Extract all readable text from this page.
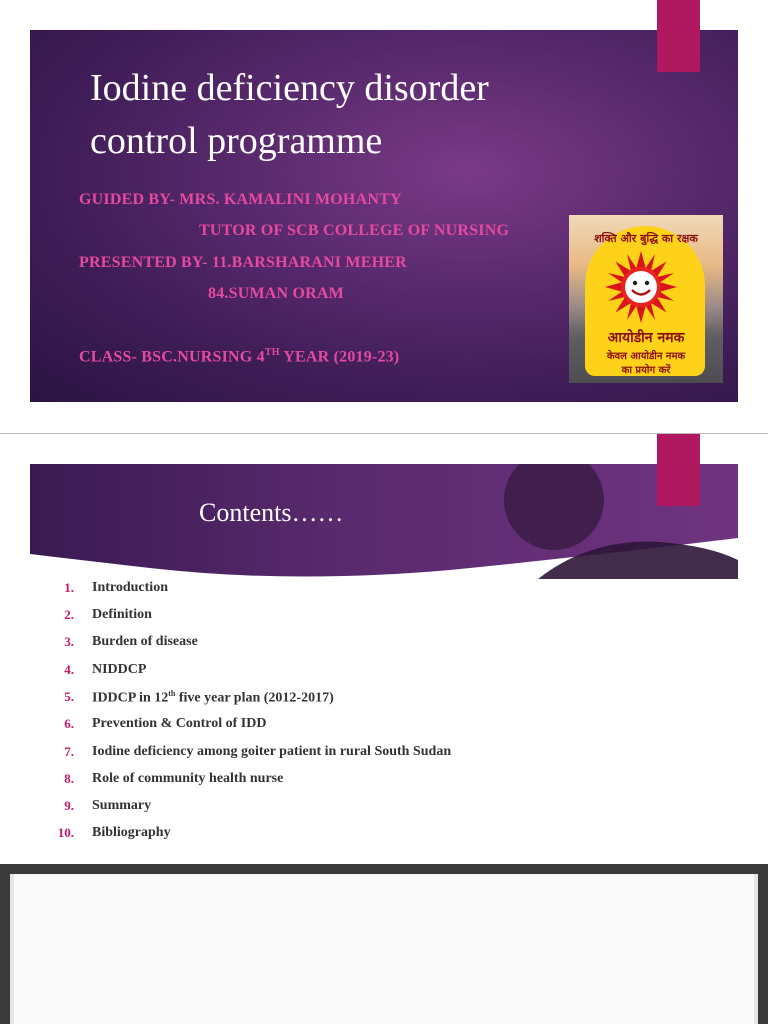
Iodine deficiency disorder
control programme
GUIDED BY- MRS. KAMALINI MOHANTY
TUTOR OF SCB COLLEGE OF NURSING
PRESENTED BY- 11.BARSHARANI MEHER
84.SUMAN ORAM
CLASS- BSC.NURSING 4TH YEAR (2019-23)
शक्ति और बुद्धि का रक्षक
आयोडीन नमक
केवल आयोडीन नमक
का प्रयोग करें
Contents……
1. Introduction
2. Definition
3. Burden of disease
4. NIDDCP
5. IDDCP in 12th five year plan (2012-2017)
6. Prevention & Control of IDD
7. Iodine deficiency among goiter patient in rural South Sudan
8. Role of community health nurse
9. Summary
10. Bibliography
